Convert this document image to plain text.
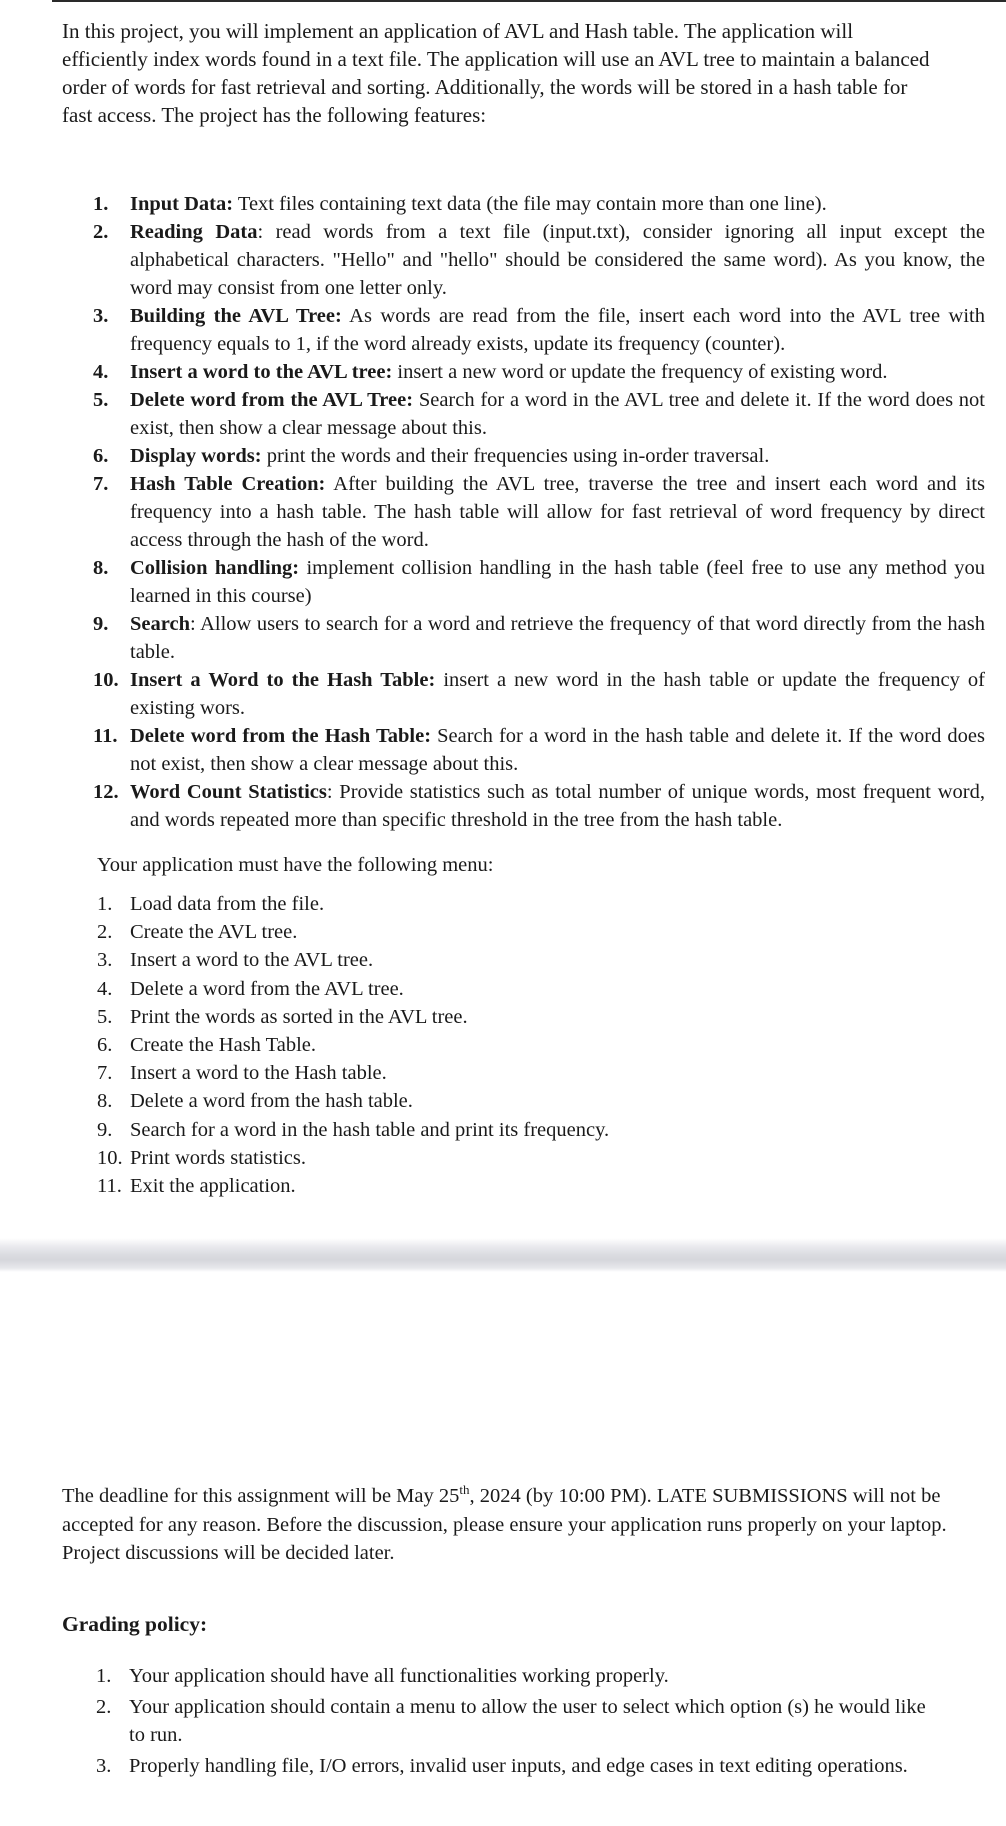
In this project, you will implement an application of AVL and Hash table. The application will efficiently index words found in a text file. The application will use an AVL tree to maintain a balanced order of words for fast retrieval and sorting. Additionally, the words will be stored in a hash table for fast access. The project has the following features:

1. Input Data: Text files containing text data (the file may contain more than one line).
2. Reading Data: read words from a text file (input.txt), consider ignoring all input except the alphabetical characters. "Hello" and "hello" should be considered the same word). As you know, the word may consist from one letter only.
3. Building the AVL Tree: As words are read from the file, insert each word into the AVL tree with frequency equals to 1, if the word already exists, update its frequency (counter).
4. Insert a word to the AVL tree: insert a new word or update the frequency of existing word.
5. Delete word from the AVL Tree: Search for a word in the AVL tree and delete it. If the word does not exist, then show a clear message about this.
6. Display words: print the words and their frequencies using in-order traversal.
7. Hash Table Creation: After building the AVL tree, traverse the tree and insert each word and its frequency into a hash table. The hash table will allow for fast retrieval of word frequency by direct access through the hash of the word.
8. Collision handling: implement collision handling in the hash table (feel free to use any method you learned in this course)
9. Search: Allow users to search for a word and retrieve the frequency of that word directly from the hash table.
10. Insert a Word to the Hash Table: insert a new word in the hash table or update the frequency of existing wors.
11. Delete word from the Hash Table: Search for a word in the hash table and delete it. If the word does not exist, then show a clear message about this.
12. Word Count Statistics: Provide statistics such as total number of unique words, most frequent word, and words repeated more than specific threshold in the tree from the hash table.

Your application must have the following menu:

1. Load data from the file.
2. Create the AVL tree.
3. Insert a word to the AVL tree.
4. Delete a word from the AVL tree.
5. Print the words as sorted in the AVL tree.
6. Create the Hash Table.
7. Insert a word to the Hash table.
8. Delete a word from the hash table.
9. Search for a word in the hash table and print its frequency.
10. Print words statistics.
11. Exit the application.

The deadline for this assignment will be May 25th, 2024 (by 10:00 PM). LATE SUBMISSIONS will not be accepted for any reason. Before the discussion, please ensure your application runs properly on your laptop. Project discussions will be decided later.

Grading policy:
1. Your application should have all functionalities working properly.
2. Your application should contain a menu to allow the user to select which option (s) he would like to run.
3. Properly handling file, I/O errors, invalid user inputs, and edge cases in text editing operations.
